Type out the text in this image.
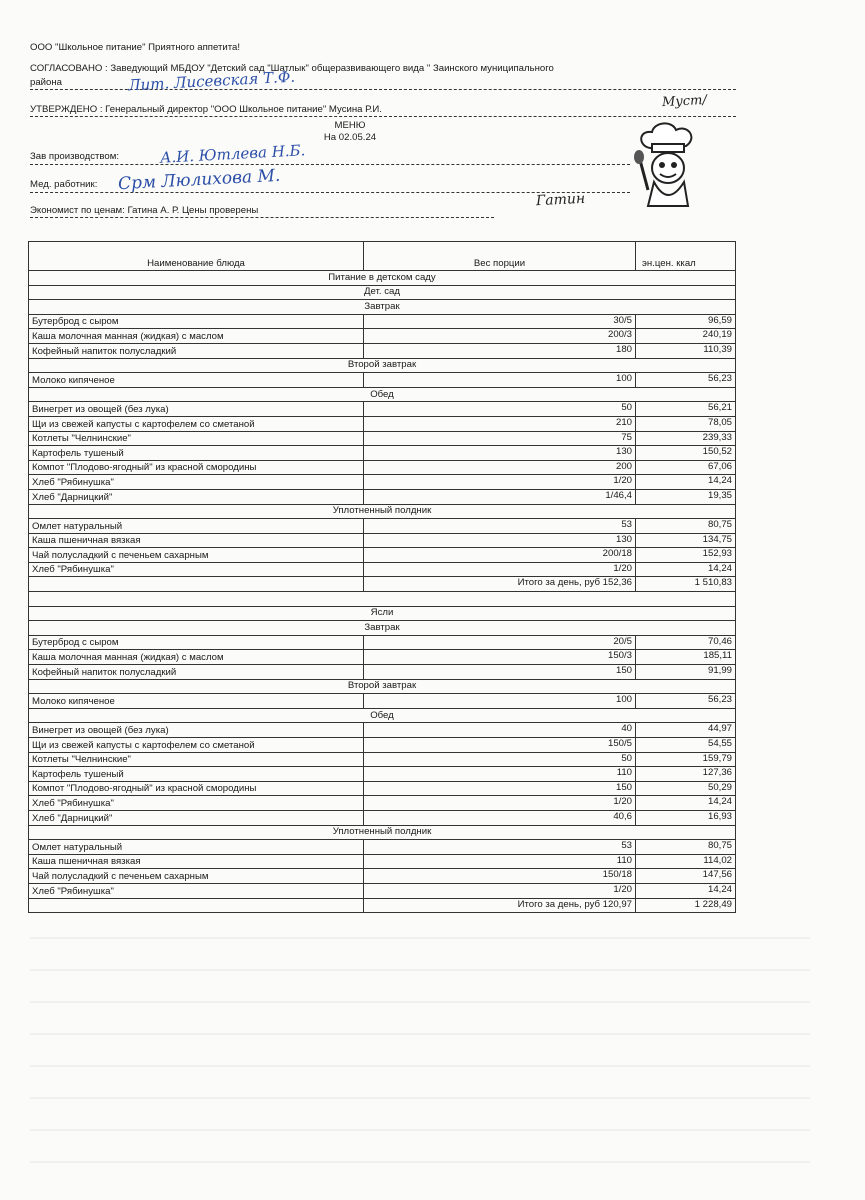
ООО "Школьное питание" Приятного аппетита!
СОГЛАСОВАНО : Заведующий МБДОУ "Детский сад "Шатлык" общеразвивающего вида " Заинского муниципального
района	Лит. Лисевская Т.Ф.
УТВЕРЖДЕНО : Генеральный директор "ООО Школьное питание" Мусина Р.И.	Муст/
МЕНЮ
На 02.05.24
Зав производством:	А.И. Ютлева Н.Б.
Мед. работник: Срм Люлихова М.
Экономист по ценам: Гатина А. Р. Цены проверены
Гатин
Наименование блюда	Вес порции	эн.цен. ккал
Питание в детском саду		
Дет. сад		
Завтрак		
Бутерброд с сыром	30/5	96,59
Каша молочная манная (жидкая) с маслом	200/3	240,19
Кофейный напиток полусладкий	180	110,39
Второй завтрак		
Молоко кипяченое	100	56,23
Обед		
Винегрет из овощей (без лука)	50	56,21
Щи из свежей капусты с картофелем со сметаной	210	78,05
Котлеты "Челнинские"	75	239,33
Картофель тушеный	130	150,52
Компот "Плодово-ягодный" из красной смородины	200	67,06
Хлеб "Рябинушка"	1/20	14,24
Хлеб "Дарницкий"	1/46,4	19,35
Уплотненный полдник		
Омлет натуральный	53	80,75
Каша пшеничная вязкая	130	134,75
Чай полусладкий с печеньем сахарным	200/18	152,93
Хлеб "Рябинушка"	1/20	14,24
	Итого за день, руб 152,36	1 510,83

Ясли		
Завтрак		
Бутерброд с сыром	20/5	70,46
Каша молочная манная (жидкая) с маслом	150/3	185,11
Кофейный напиток полусладкий	150	91,99
Второй завтрак		
Молоко кипяченое	100	56,23
Обед		
Винегрет из овощей (без лука)	40	44,97
Щи из свежей капусты с картофелем со сметаной	150/5	54,55
Котлеты "Челнинские"	50	159,79
Картофель тушеный	110	127,36
Компот "Плодово-ягодный" из красной смородины	150	50,29
Хлеб "Рябинушка"	1/20	14,24
Хлеб "Дарницкий"	40,6	16,93
Уплотненный полдник		
Омлет натуральный	53	80,75
Каша пшеничная вязкая	110	114,02
Чай полусладкий с печеньем сахарным	150/18	147,56
Хлеб "Рябинушка"	1/20	14,24
	Итого за день, руб 120,97	1 228,49
